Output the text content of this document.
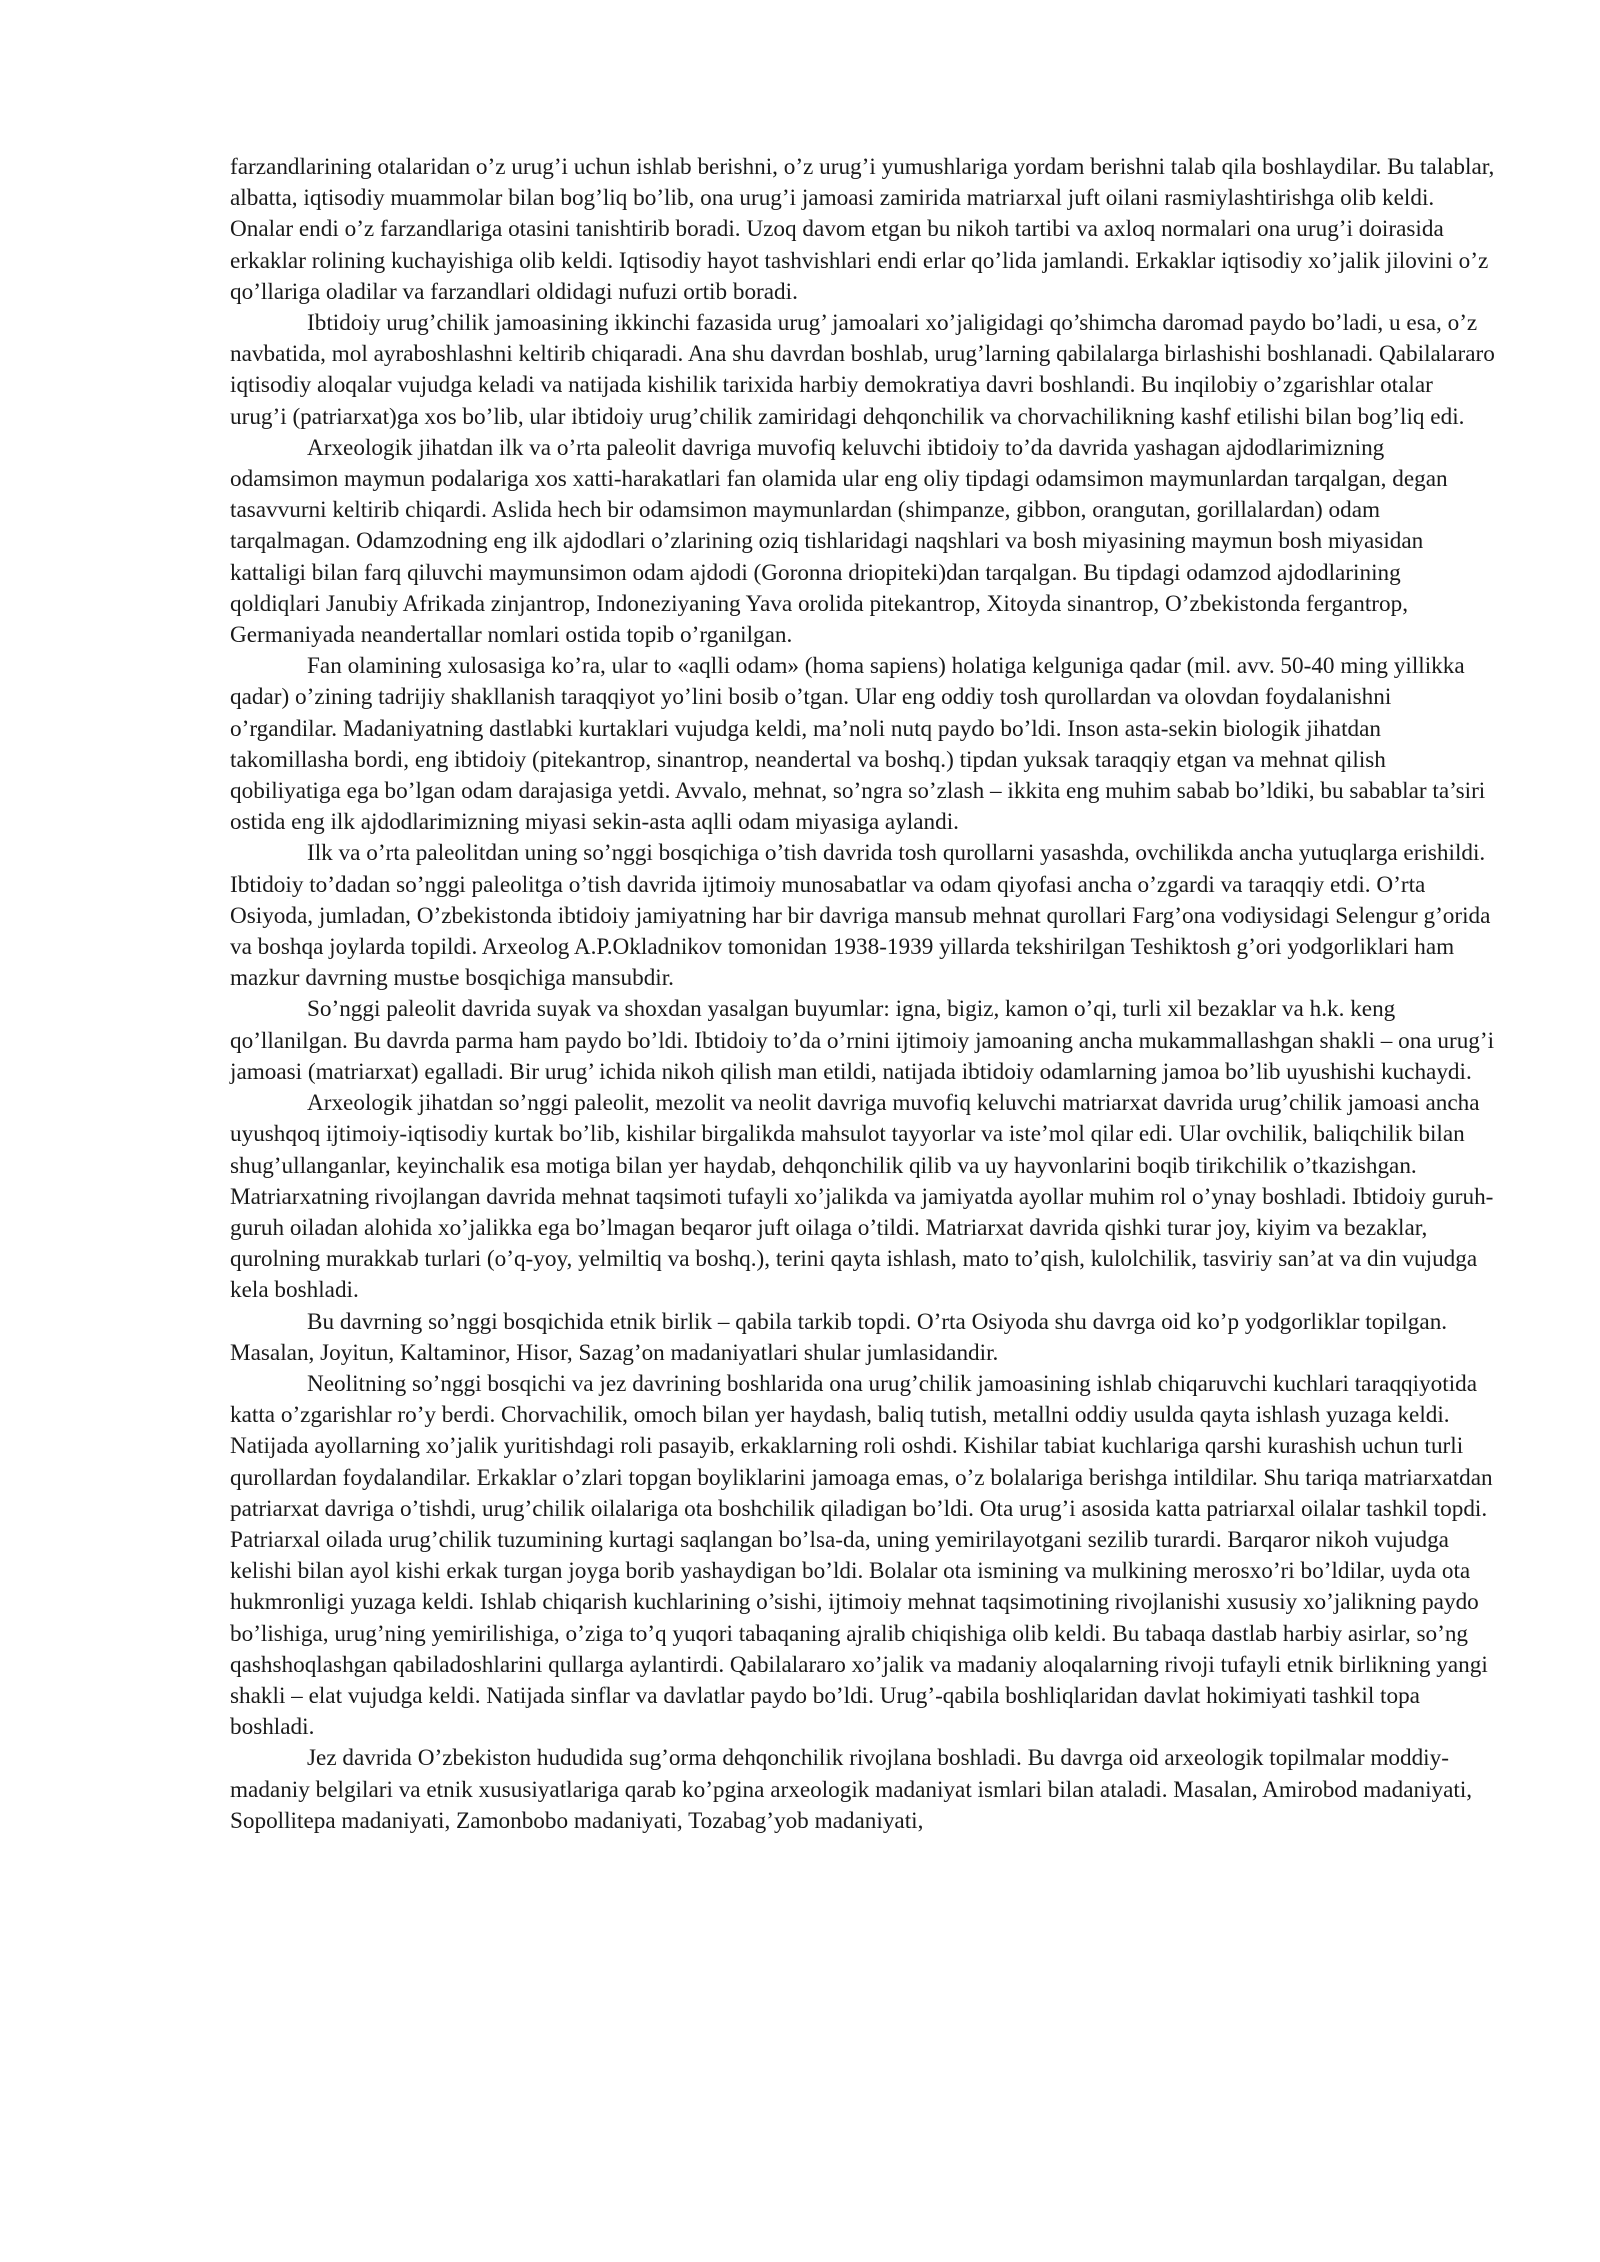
farzandlarining otalaridan o’z urug’i uchun ishlab berishni, o’z urug’i yumushlariga yordam berishni talab qila boshlaydilar. Bu talablar, albatta, iqtisodiy muammolar bilan bog’liq bo’lib, ona urug’i jamoasi zamirida matriarxal juft oilani rasmiylashtirishga olib keldi. Onalar endi o’z farzandlariga otasini tanishtirib boradi. Uzoq davom etgan bu nikoh tartibi va axloq normalari ona urug’i doirasida erkaklar rolining kuchayishiga olib keldi. Iqtisodiy hayot tashvishlari endi erlar qo’lida jamlandi. Erkaklar iqtisodiy xo’jalik jilovini o’z qo’llariga oladilar va farzandlari oldidagi nufuzi ortib boradi.

Ibtidoiy urug’chilik jamoasining ikkinchi fazasida urug’ jamoalari xo’jaligidagi qo’shimcha daromad paydo bo’ladi, u esa, o’z navbatida, mol ayraboshlashni keltirib chiqaradi. Ana shu davrdan boshlab, urug’larning qabilalarga birlashishi boshlanadi. Qabilalararo iqtisodiy aloqalar vujudga keladi va natijada kishilik tarixida harbiy demokratiya davri boshlandi. Bu inqilobiy o’zgarishlar otalar urug’i (patriarxat)ga xos bo’lib, ular ibtidoiy urug’chilik zamiridagi dehqonchilik va chorvachilikning kashf etilishi bilan bog’liq edi.

Arxeologik jihatdan ilk va o’rta paleolit davriga muvofiq keluvchi ibtidoiy to’da davrida yashagan ajdodlarimizning odamsimon maymun podalariga xos xatti-harakatlari fan olamida ular eng oliy tipdagi odamsimon maymunlardan tarqalgan, degan tasavvurni keltirib chiqardi. Aslida hech bir odamsimon maymunlardan (shimpanze, gibbon, orangutan, gorillalardan) odam tarqalmagan. Odamzodning eng ilk ajdodlari o’zlarining oziq tishlaridagi naqshlari va bosh miyasining maymun bosh miyasidan kattaligi bilan farq qiluvchi maymunsimon odam ajdodi (Goronna driopiteki)dan tarqalgan. Bu tipdagi odamzod ajdodlarining qoldiqlari Janubiy Afrikada zinjantrop, Indoneziyaning Yava orolida pitekantrop, Xitoyda sinantrop, O’zbekistonda fergantrop, Germaniyada neandertallar nomlari ostida topib o’rganilgan.

Fan olamining xulosasiga ko’ra, ular to «aqlli odam» (homa sapiens) holatiga kelguniga qadar (mil. avv. 50-40 ming yillikka qadar) o’zining tadrijiy shakllanish taraqqiyot yo’lini bosib o’tgan. Ular eng oddiy tosh qurollardan va olovdan foydalanishni o’rgandilar. Madaniyatning dastlabki kurtaklari vujudga keldi, ma’noli nutq paydo bo’ldi. Inson asta-sekin biologik jihatdan takomillasha bordi, eng ibtidoiy (pitekantrop, sinantrop, neandertal va boshq.) tipdan yuksak taraqqiy etgan va mehnat qilish qobiliyatiga ega bo’lgan odam darajasiga yetdi. Avvalo, mehnat, so’ngra so’zlash – ikkita eng muhim sabab bo’ldiki, bu sabablar ta’siri ostida eng ilk ajdodlarimizning miyasi sekin-asta aqlli odam miyasiga aylandi.

Ilk va o’rta paleolitdan uning so’nggi bosqichiga o’tish davrida tosh qurollarni yasashda, ovchilikda ancha yutuqlarga erishildi. Ibtidoiy to’dadan so’nggi paleolitga o’tish davrida ijtimoiy munosabatlar va odam qiyofasi ancha o’zgardi va taraqqiy etdi. O’rta Osiyoda, jumladan, O’zbekistonda ibtidoiy jamiyatning har bir davriga mansub mehnat qurollari Farg’ona vodiysidagi Selengur g’orida va boshqa joylarda topildi. Arxeolog A.P.Okladnikov tomonidan 1938-1939 yillarda tekshirilgan Teshiktosh g’ori yodgorliklari ham mazkur davrning mustьe bosqichiga mansubdir.

So’nggi paleolit davrida suyak va shoxdan yasalgan buyumlar: igna, bigiz, kamon o’qi, turli xil bezaklar va h.k. keng qo’llanilgan. Bu davrda parma ham paydo bo’ldi. Ibtidoiy to’da o’rnini ijtimoiy jamoaning ancha mukammallashgan shakli – ona urug’i jamoasi (matriarxat) egalladi. Bir urug’ ichida nikoh qilish man etildi, natijada ibtidoiy odamlarning jamoa bo’lib uyushishi kuchaydi.

Arxeologik jihatdan so’nggi paleolit, mezolit va neolit davriga muvofiq keluvchi matriarxat davrida urug’chilik jamoasi ancha uyushqoq ijtimoiy-iqtisodiy kurtak bo’lib, kishilar birgalikda mahsulot tayyorlar va iste’mol qilar edi. Ular ovchilik, baliqchilik bilan shug’ullanganlar, keyinchalik esa motiga bilan yer haydab, dehqonchilik qilib va uy hayvonlarini boqib tirikchilik o’tkazishgan. Matriarxatning rivojlangan davrida mehnat taqsimoti tufayli xo’jalikda va jamiyatda ayollar muhim rol o’ynay boshladi. Ibtidoiy guruh-guruh oiladan alohida xo’jalikka ega bo’lmagan beqaror juft oilaga o’tildi. Matriarxat davrida qishki turar joy, kiyim va bezaklar, qurolning murakkab turlari (o’q-yoy, yelmiltiq va boshq.), terini qayta ishlash, mato to’qish, kulolchilik, tasviriy san’at va din vujudga kela boshladi.

Bu davrning so’nggi bosqichida etnik birlik – qabila tarkib topdi. O’rta Osiyoda shu davrga oid ko’p yodgorliklar topilgan. Masalan, Joyitun, Kaltaminor, Hisor, Sazag’on madaniyatlari shular jumlasidandir.

Neolitning so’nggi bosqichi va jez davrining boshlarida ona urug’chilik jamoasining ishlab chiqaruvchi kuchlari taraqqiyotida katta o’zgarishlar ro’y berdi. Chorvachilik, omoch bilan yer haydash, baliq tutish, metallni oddiy usulda qayta ishlash yuzaga keldi. Natijada ayollarning xo’jalik yuritishdagi roli pasayib, erkaklarning roli oshdi. Kishilar tabiat kuchlariga qarshi kurashish uchun turli qurollardan foydalandilar. Erkaklar o’zlari topgan boyliklarini jamoaga emas, o’z bolalariga berishga intildilar. Shu tariqa matriarxatdan patriarxat davriga o’tishdi, urug’chilik oilalariga ota boshchilik qiladigan bo’ldi. Ota urug’i asosida katta patriarxal oilalar tashkil topdi. Patriarxal oilada urug’chilik tuzumining kurtagi saqlangan bo’lsa-da, uning yemirilayotgani sezilib turardi. Barqaror nikoh vujudga kelishi bilan ayol kishi erkak turgan joyga borib yashaydigan bo’ldi. Bolalar ota ismining va mulkining merosxo’ri bo’ldilar, uyda ota hukmronligi yuzaga keldi. Ishlab chiqarish kuchlarining o’sishi, ijtimoiy mehnat taqsimotining rivojlanishi xususiy xo’jalikning paydo bo’lishiga, urug’ning yemirilishiga, o’ziga to’q yuqori tabaqaning ajralib chiqishiga olib keldi. Bu tabaqa dastlab harbiy asirlar, so’ng qashshoqlashgan qabiladoshlarini qullarga aylantirdi. Qabilalararo xo’jalik va madaniy aloqalarning rivoji tufayli etnik birlikning yangi shakli – elat vujudga keldi. Natijada sinflar va davlatlar paydo bo’ldi. Urug’-qabila boshliqlaridan davlat hokimiyati tashkil topa boshladi.

Jez davrida O’zbekiston hududida sug’orma dehqonchilik rivojlana boshladi. Bu davrga oid arxeologik topilmalar moddiy-madaniy belgilari va etnik xususiyatlariga qarab ko’pgina arxeologik madaniyat ismlari bilan ataladi. Masalan, Amirobod madaniyati, Sopollitepa madaniyati, Zamonbobo madaniyati, Tozabag’yob madaniyati,
